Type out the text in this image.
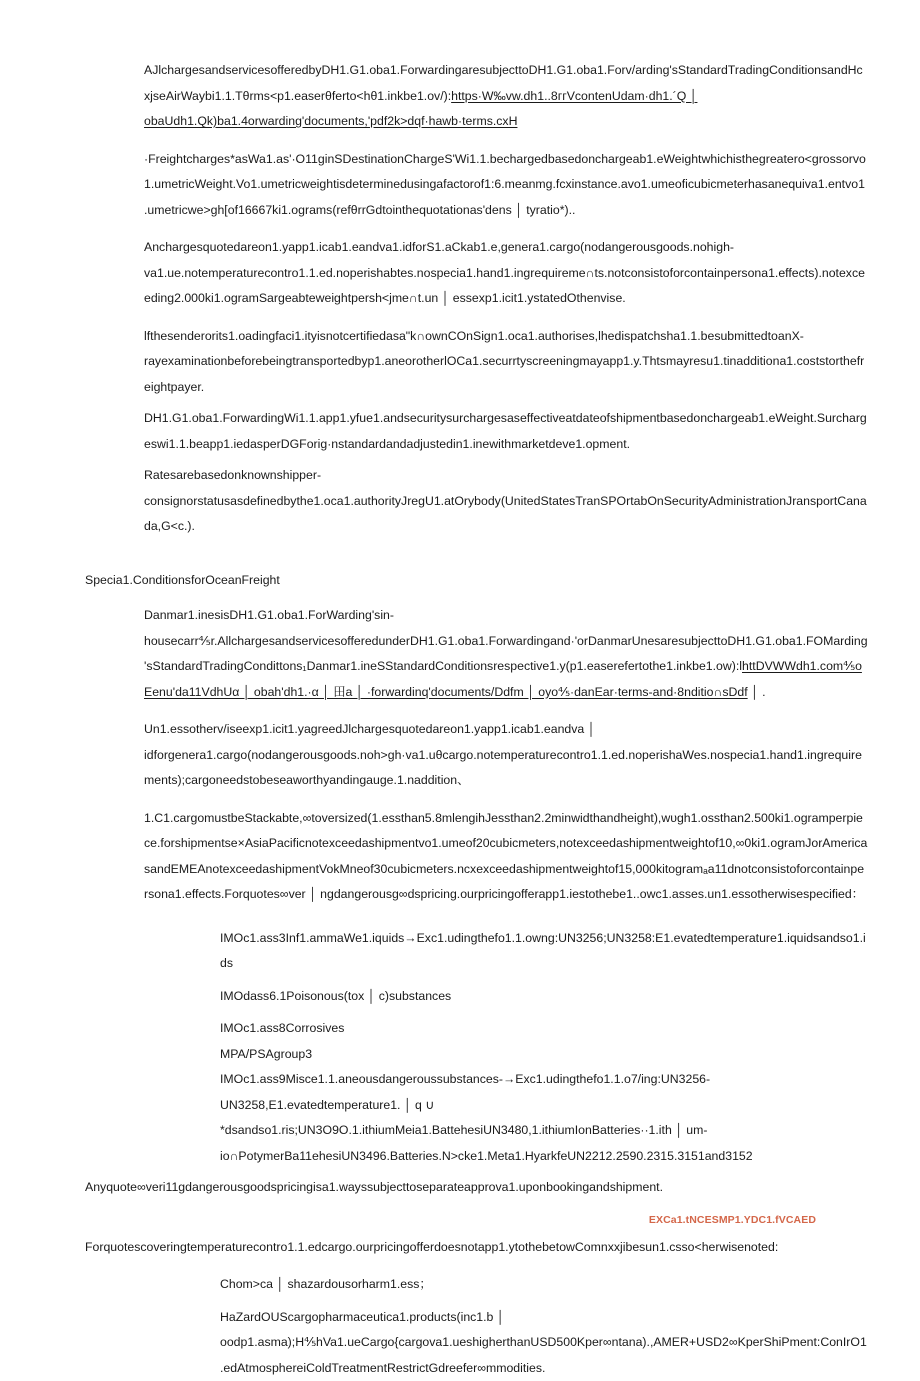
AJlchargesandservicesofferedbyDH1.G1.oba1.ForwardingaresubjecttoDH1.G1.oba1.Forv/arding'sStandardTradingConditionsandHcxjseAirWaybi1.1.Tθrms<p1.easerθferto<hθ1.inkbe1.ov/):https·W‰vw.dh1..8ггVcontenUdam·dh1.´Q │ obaUdh1.Qk)ba1.4orwarding'documents,'pdf2k>dqf·hawb·terms.cxH

·Freightcharges*asWa1.as'·O11ginSDestinationChargeS'Wi1.1.bechargedbasedonchargeab1.eWeightwhichisthegreatero<grossorvo1.umetricWeight.Vo1.umetricweightisdeterminedusingafactorof1:6.meanmg.fcxinstance.avo1.umeoficubicmeterhasanequiva1.entvo1.umetricwe>gh[of16667ki1.ograms(refθrrGdtointhequotationas'dens │ tyratio*)..

Anchargesquotedareon1.yapp1.icab1.eandva1.idforS1.aCkab1.e,genera1.cargo(nodangerousgoods.nohigh-va1.ue.notemperaturecontro1.1.ed.noperishabtes.nospecia1.hand1.ingrequireme∩ts.notconsistoforcontainpersona1.effects).notexceeding2.000ki1.ogramSargeabteweightpersh<jme∩t.un │ essexp1.icit1.ystatedOthenvise.

lfthesenderorits1.oadingfaci1.ityisnotcertifiedasa"k∩ownCOnSign1.oca1.authorises,lhedispatchsha1.1.besubmittedtoanX-rayexaminationbeforebeingtransportedbyp1.aneorotherlOCa1.securrtyscreeningmayapp1.y.Thtsmayresu1.tinadditiona1.coststorthefreightpayer.

DH1.G1.oba1.ForwardingWi1.1.app1.yfue1.andsecuritysurchargesaseffectiveatdateofshipmentbasedonchargeab1.eWeight.Surchargeswi1.1.beapp1.iedasperDGForig·nstandardandadjustedin1.inewithmarketdeve1.opment.

Ratesarebasedonknownshipper-consignorstatusasdefinedbythe1.oca1.authorityJregU1.atOrybody(UnitedStatesTranSPOrtabOnSecurityAdministrationJransportCanada,G<c.).

Specia1.ConditionsforOceanFreight

Danmar1.inesisDH1.G1.oba1.ForWarding'sin-housecarr⅘r.AllchargesandservicesofferedunderDH1.G1.oba1.Forwardingand·'orDanmarUnesaresubjecttoDH1.G1.oba1.FOMarding'sStandardTradingCondittons₁Danmar1.ineSStandardConditionsrespective1.y(p1.easerefertothe1.inkbe1.ow):lhttDVWWdh1.com⅘oEenu'da11VdhUα │ obah'dh1.·α │ 田a │ ·forwardinq'documents/Ddfm │ oyo⅘·danEar·terms-and·8nditio∩sDdf │ .

Un1.essotherv/iseexp1.icit1.yagreedJlchargesquotedareon1.yapp1.icab1.eandva │ idforgenera1.cargo(nodangerousgoods.noh>gh·va1.uθcargo.notemperaturecontro1.1.ed.noperishaWes.nospecia1.hand1.ingrequirements);cargoneedstobeseaworthyandingauge.1.naddition、

1.C1.cargomustbeStackabte,∞toversized(1.essthan5.8mlengihJessthan2.2minwidthandheight),wυgh1.ossthan2.500ki1.ogramperpiece.forshipmentse×AsiaPacificnotexceedashipmentvo1.umeof20cubicmeters,notexceedashipmentweightof10,∞0ki1.ogramJorAmericasandEMEAnotexceedashipmentVokMneof30cubicmeters.ncxexceedashipmentweightof15,000kitogramₐa11dnotconsistoforcontainpersona1.effects.Forquotes∞ver │ ngdangerousg∞dspricing.ourpricingofferapp1.iestothebe1..owc1.asses.un1.essotherwisespecified：

IMOc1.ass3Inf1.ammaWe1.iquids→Exc1.udingthefo1.1.owng:UN3256;UN3258:E1.evatedtemperature1.iquidsandso1.ids

IMOdass6.1Poisonous(tox │ c)substances

IMOc1.ass8Corrosives

MPA/PSAgroup3

IMOc1.ass9Misce1.1.aneousdangeroussubstances-→Exc1.udingthefo1.1.o7/ing:UN3256-UN3258,E1.evatedtemperature1. │ q ∪ *dsandso1.ris;UN3O9O.1.ithiumMeia1.BattehesiUN3480,1.ithiumIonBatteries··1.ith │ um-io∩PotymerBa11ehesiUN3496.Batteries.N>cke1.Meta1.HyarkfeUN2212.2590.2315.3151and3152

Anyquote∞veri11gdangerousgoodspricingisa1.wayssubjecttoseparateapprova1.uponbookingandshipment.

EXCa1.tNCESMP1.YDC1.fVCAED

Forquotescoveringtemperaturecontro1.1.edcargo.ourpricingofferdoesnotapp1.ytothebetowComnxxjibesun1.csso<herwisenoted:

Chom>ca │ shazardousorharm1.ess；

HaZardOUScargopharmaceutica1.products(inc1.b │ oodp1.asma);H⅘hVa1.ueCargo{cargova1.ueshigherthanUSD500Kper∞ntana).,AMER+USD2∞KperShiPment:ConIrO1.edAtmosphereiColdTreatmentRestrictGdreefer∞mmodities.
